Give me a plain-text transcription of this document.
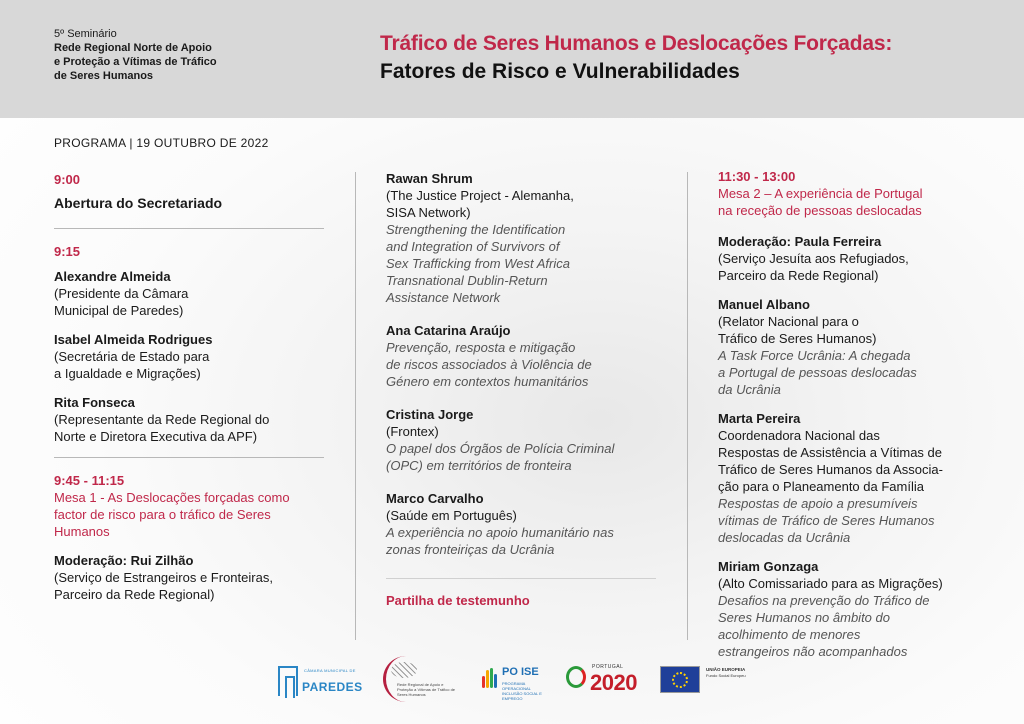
5º Seminário
Rede Regional Norte de Apoio
e Proteção a Vítimas de Tráfico
de Seres Humanos
Tráfico de Seres Humanos e Deslocações Forçadas:
Fatores de Risco e Vulnerabilidades
PROGRAMA | 19 OUTUBRO DE 2022
9:00
Abertura do Secretariado
9:15
Alexandre Almeida
(Presidente da Câmara
Municipal de Paredes)
Isabel Almeida Rodrigues
(Secretária de Estado para
a Igualdade e Migrações)
Rita Fonseca
(Representante da Rede Regional do
Norte e Diretora Executiva da APF)
9:45 - 11:15
Mesa 1 - As Deslocações forçadas como
factor de risco para o tráfico de Seres
Humanos
Moderação: Rui Zilhão
(Serviço de Estrangeiros e Fronteiras,
Parceiro da Rede Regional)
Rawan Shrum
(The Justice Project - Alemanha,
SISA Network)
Strengthening the Identification
and Integration of Survivors of
Sex Trafficking from West Africa
Transnational Dublin-Return
Assistance Network
Ana Catarina Araújo
Prevenção, resposta e mitigação
de riscos associados à Violência de
Género em contextos humanitários
Cristina Jorge
(Frontex)
O papel dos Órgãos de Polícia Criminal
(OPC) em territórios de fronteira
Marco Carvalho
(Saúde em Português)
A experiência no apoio humanitário nas
zonas fronteiriças da Ucrânia
Partilha de testemunho
11:30 - 13:00
Mesa 2 – A experiência de Portugal
na receção de pessoas deslocadas
Moderação: Paula Ferreira
(Serviço Jesuíta aos Refugiados,
Parceiro da Rede Regional)
Manuel Albano
(Relator Nacional para o
Tráfico de Seres Humanos)
A Task Force Ucrânia: A chegada
a Portugal de pessoas deslocadas
da Ucrânia
Marta Pereira
Coordenadora Nacional das
Respostas de Assistência a Vítimas de
Tráfico de Seres Humanos da Associa-
ção para o Planeamento da Família
Respostas de apoio a presumíveis
vítimas de Tráfico de Seres Humanos
deslocadas da Ucrânia
Miriam Gonzaga
(Alto Comissariado para as Migrações)
Desafios na prevenção do Tráfico de
Seres Humanos no âmbito do
acolhimento de menores
estrangeiros não acompanhados
CÂMARA MUNICIPAL DE
PAREDES	Rede Regional de Apoio e Proteção a Vítimas de Tráfico de Seres Humanos
PO ISE
PROGRAMA OPERACIONAL INCLUSÃO SOCIAL E EMPREGO
PORTUGAL
2020
UNIÃO EUROPEIA
Fundo Social Europeu
